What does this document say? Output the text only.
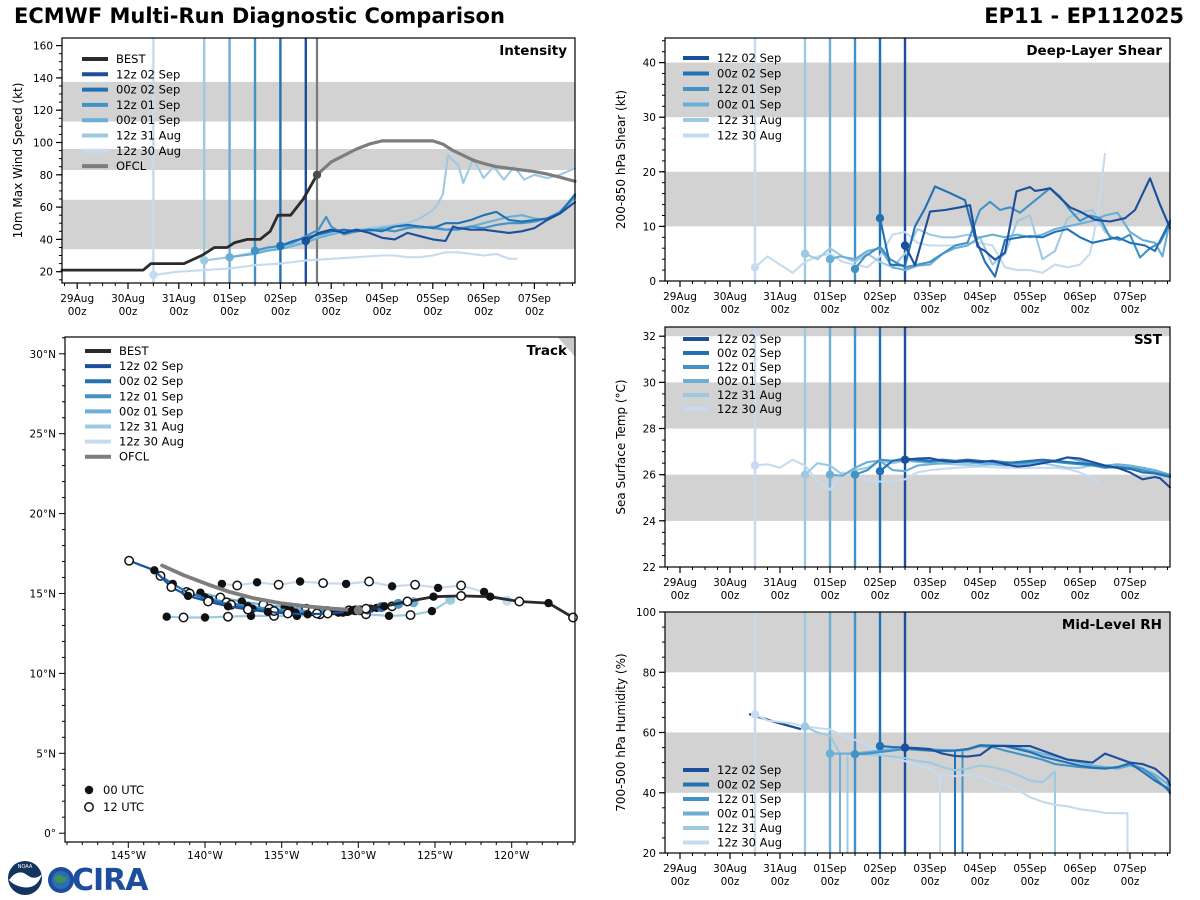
ECMWF Multi-Run Diagnostic Comparison	EP11 - EP112025
29Aug
00z
30Aug
00z
31Aug
00z
01Sep
00z
02Sep
00z
03Sep
00z
04Sep
00z
05Sep
00z
06Sep
00z
07Sep
00z
20
40
60
80
100
120
140
160
10m Max Wind Speed (kt)
Intensity
BEST
12z 02 Sep
00z 02 Sep
12z 01 Sep
00z 01 Sep
12z 31 Aug
12z 30 Aug
OFCL
145°W	140°W	135°W	130°W	125°W	120°W
0°
5°N
10°N
15°N
20°N
25°N
30°N	Track
BEST
12z 02 Sep
00z 02 Sep
12z 01 Sep
00z 01 Sep
12z 31 Aug
12z 30 Aug
OFCL
00 UTC
12 UTC
29Aug
00z
30Aug
00z
31Aug
00z
01Sep
00z
02Sep
00z
03Sep
00z
04Sep
00z
05Sep
00z
06Sep
00z
07Sep
00z
0
10
20
30
40
200-850 hPa Shear (kt)
Deep-Layer Shear
12z 02 Sep
00z 02 Sep
12z 01 Sep
00z 01 Sep
12z 31 Aug
12z 30 Aug
29Aug
00z
30Aug
00z
31Aug
00z
01Sep
00z
02Sep
00z
03Sep
00z
04Sep
00z
05Sep
00z
06Sep
00z
07Sep
00z
22
24
26
28
30
32
Sea Surface Temp (°C)
SST
12z 02 Sep
00z 02 Sep
12z 01 Sep
00z 01 Sep
12z 31 Aug
12z 30 Aug
29Aug
00z
30Aug
00z
31Aug
00z
01Sep
00z
02Sep
00z
03Sep
00z
04Sep
00z
05Sep
00z
06Sep
00z
07Sep
00z
20
40
60
80
100
700-500 hPa Humidity (%)
Mid-Level RH
12z 02 Sep
00z 02 Sep
12z 01 Sep
00z 01 Sep
12z 31 Aug
12z 30 Aug
NOAA CIRA
